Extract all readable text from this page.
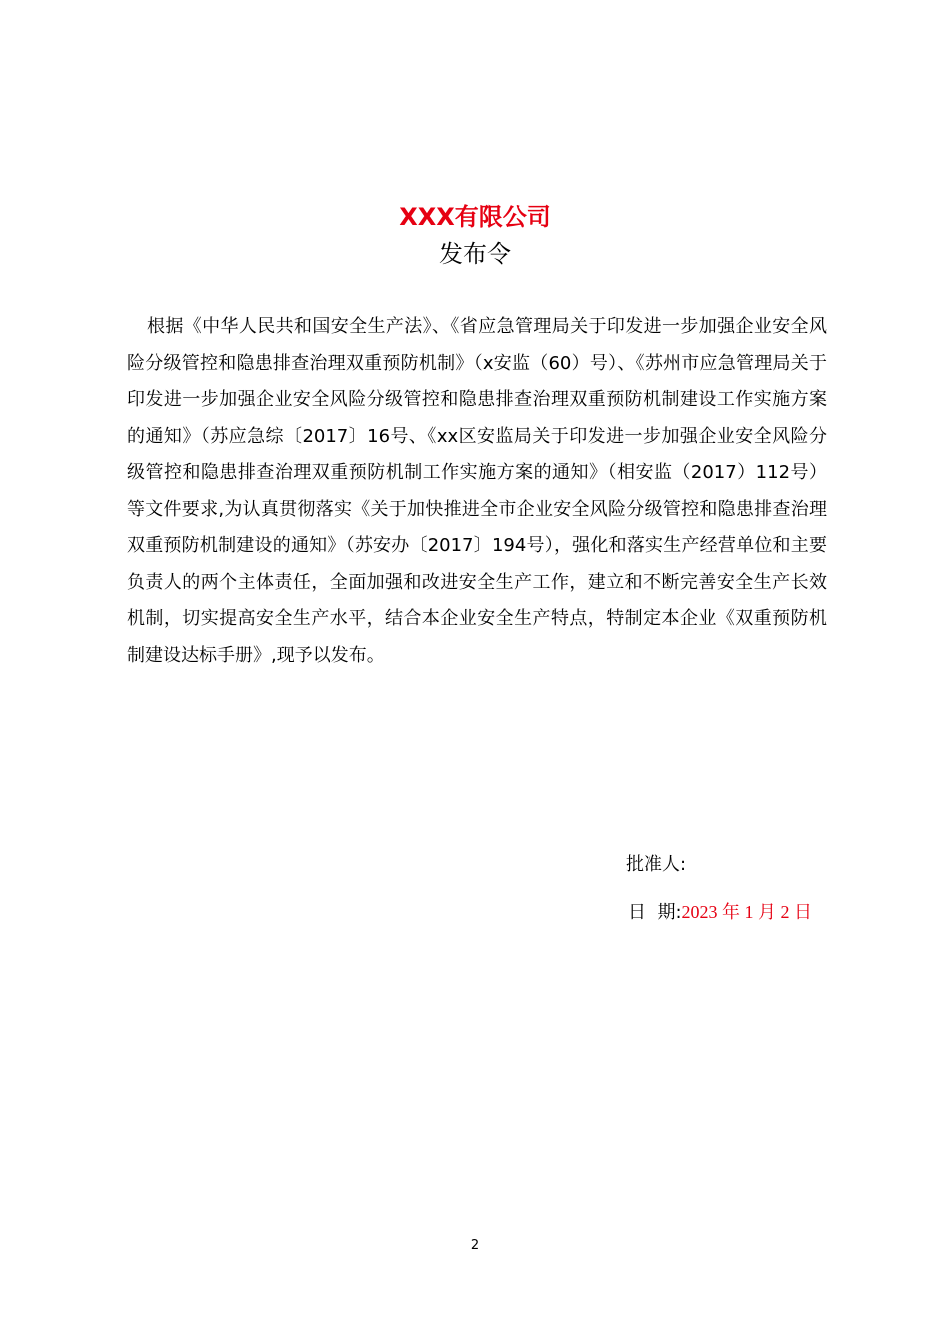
XXX有限公司
发布令

根据《中华人民共和国安全生产法》、《省应急管理局关于印发进一步加强企业安全风险分级管控和隐患排查治理双重预防机制》（x安监（60）号）、《苏州市应急管理局关于印发进一步加强企业安全风险分级管控和隐患排查治理双重预防机制建设工作实施方案的通知》（苏应急综〔2017〕16号、《xx区安监局关于印发进一步加强企业安全风险分级管控和隐患排查治理双重预防机制工作实施方案的通知》（相安监（2017）112号）等文件要求,为认真贯彻落实《关于加快推进全市企业安全风险分级管控和隐患排查治理双重预防机制建设的通知》（苏安办〔2017〕194号），强化和落实生产经营单位和主要负责人的两个主体责任，全面加强和改进安全生产工作，建立和不断完善安全生产长效机制，切实提高安全生产水平，结合本企业安全生产特点，特制定本企业《双重预防机制建设达标手册》,现予以发布。

批准人:
日  期:2023 年 1 月 2 日
2
